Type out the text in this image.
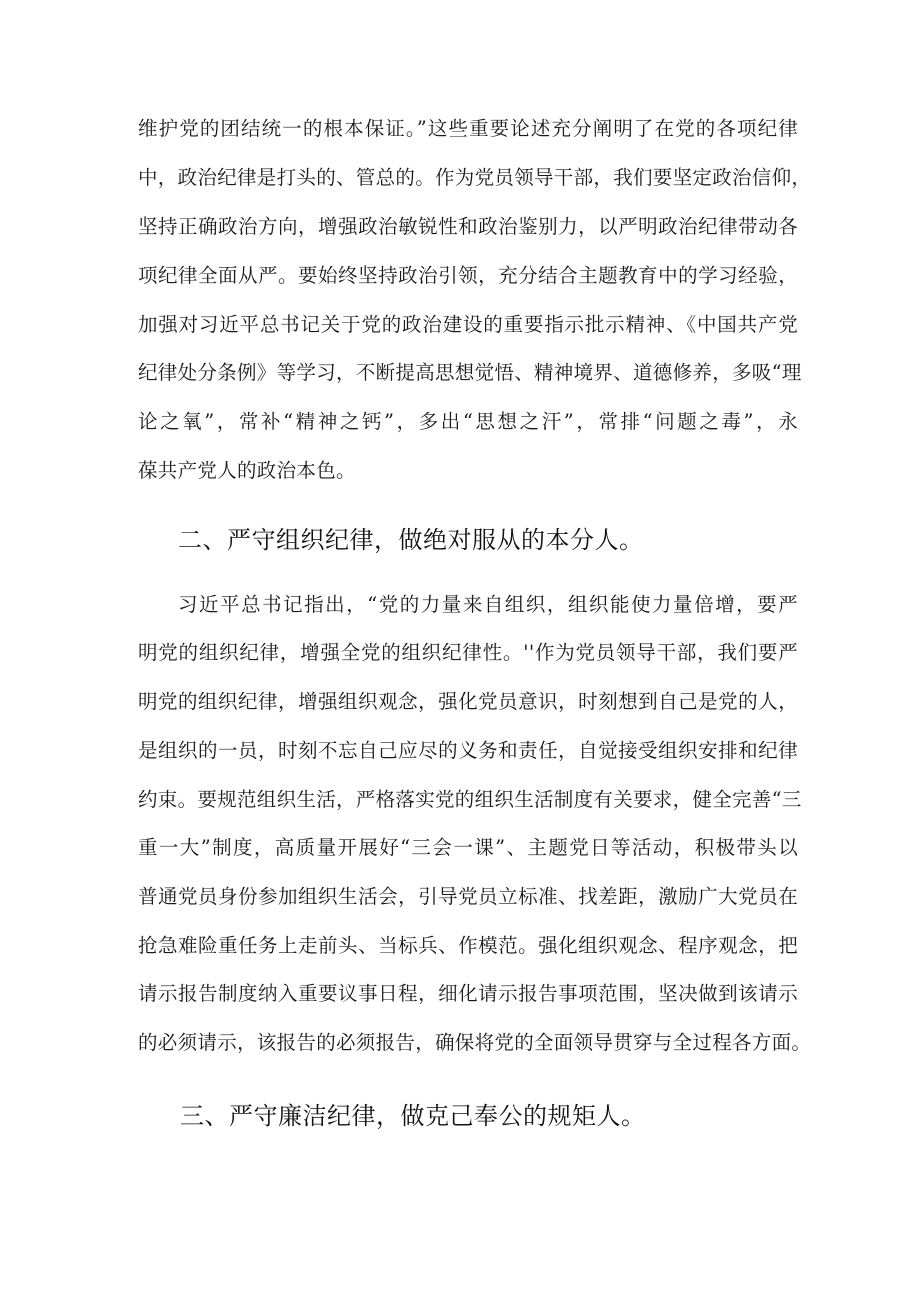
维护党的团结统一的根本保证。”这些重要论述充分阐明了在党的各项纪律
中，政治纪律是打头的、管总的。作为党员领导干部，我们要坚定政治信仰，
坚持正确政治方向，增强政治敏锐性和政治鉴别力，以严明政治纪律带动各
项纪律全面从严。要始终坚持政治引领，充分结合主题教育中的学习经验，
加强对习近平总书记关于党的政治建设的重要指示批示精神、《中国共产党
纪律处分条例》等学习，不断提高思想觉悟、精神境界、道德修养，多吸“理
论之氧”，常补“精神之钙”，多出“思想之汗”，常排“问题之毒”，永
葆共产党人的政治本色。
二、严守组织纪律，做绝对服从的本分人。
习近平总书记指出，“党的力量来自组织，组织能使力量倍增，要严
明党的组织纪律，增强全党的组织纪律性。''作为党员领导干部，我们要严
明党的组织纪律，增强组织观念，强化党员意识，时刻想到自己是党的人，
是组织的一员，时刻不忘自己应尽的义务和责任，自觉接受组织安排和纪律
约束。要规范组织生活，严格落实党的组织生活制度有关要求，健全完善“三
重一大”制度，高质量开展好“三会一课”、主题党日等活动，积极带头以
普通党员身份参加组织生活会，引导党员立标准、找差距，激励广大党员在
抢急难险重任务上走前头、当标兵、作模范。强化组织观念、程序观念，把
请示报告制度纳入重要议事日程，细化请示报告事项范围，坚决做到该请示
的必须请示，该报告的必须报告，确保将党的全面领导贯穿与全过程各方面。
三、严守廉洁纪律，做克己奉公的规矩人。
